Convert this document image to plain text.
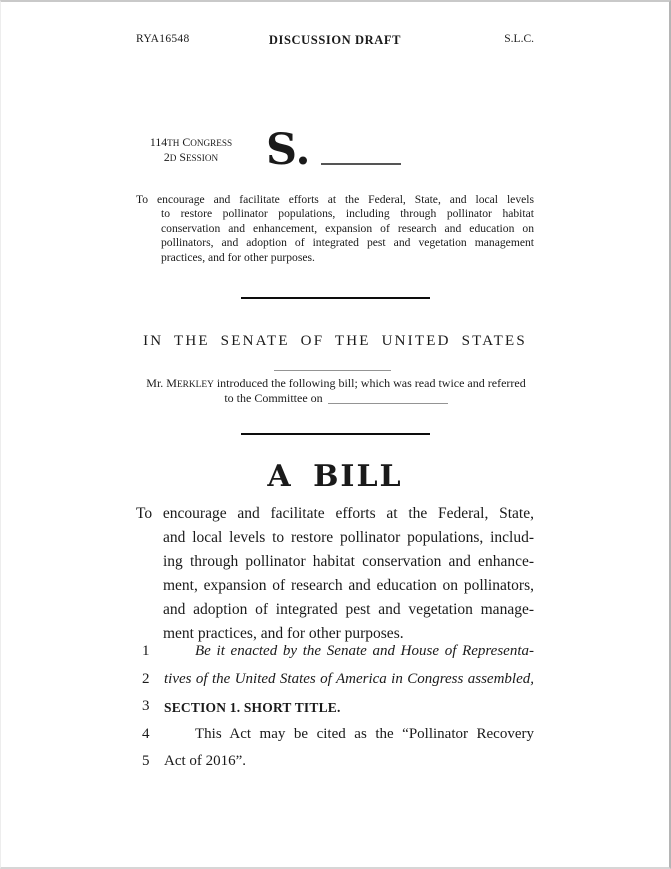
RYA16548	DISCUSSION DRAFT	S.L.C.
114TH CONGRESS
2D SESSION	S.
To encourage and facilitate efforts at the Federal, State, and local levels
to restore pollinator populations, including through pollinator habitat
conservation and enhancement, expansion of research and education on
pollinators, and adoption of integrated pest and vegetation management
practices, and for other purposes.
IN THE SENATE OF THE UNITED STATES
Mr. MERKLEY introduced the following bill; which was read twice and referred
to the Committee on
A BILL
To encourage and facilitate efforts at the Federal, State,
and local levels to restore pollinator populations, includ-
ing through pollinator habitat conservation and enhance-
ment, expansion of research and education on pollinators,
and adoption of integrated pest and vegetation manage-
ment practices, and for other purposes.
1	Be it enacted by the Senate and House of Representa-
2 tives of the United States of America in Congress assembled,
3	SECTION 1. SHORT TITLE.
4	This Act may be cited as the “Pollinator Recovery
5 Act of 2016”.
